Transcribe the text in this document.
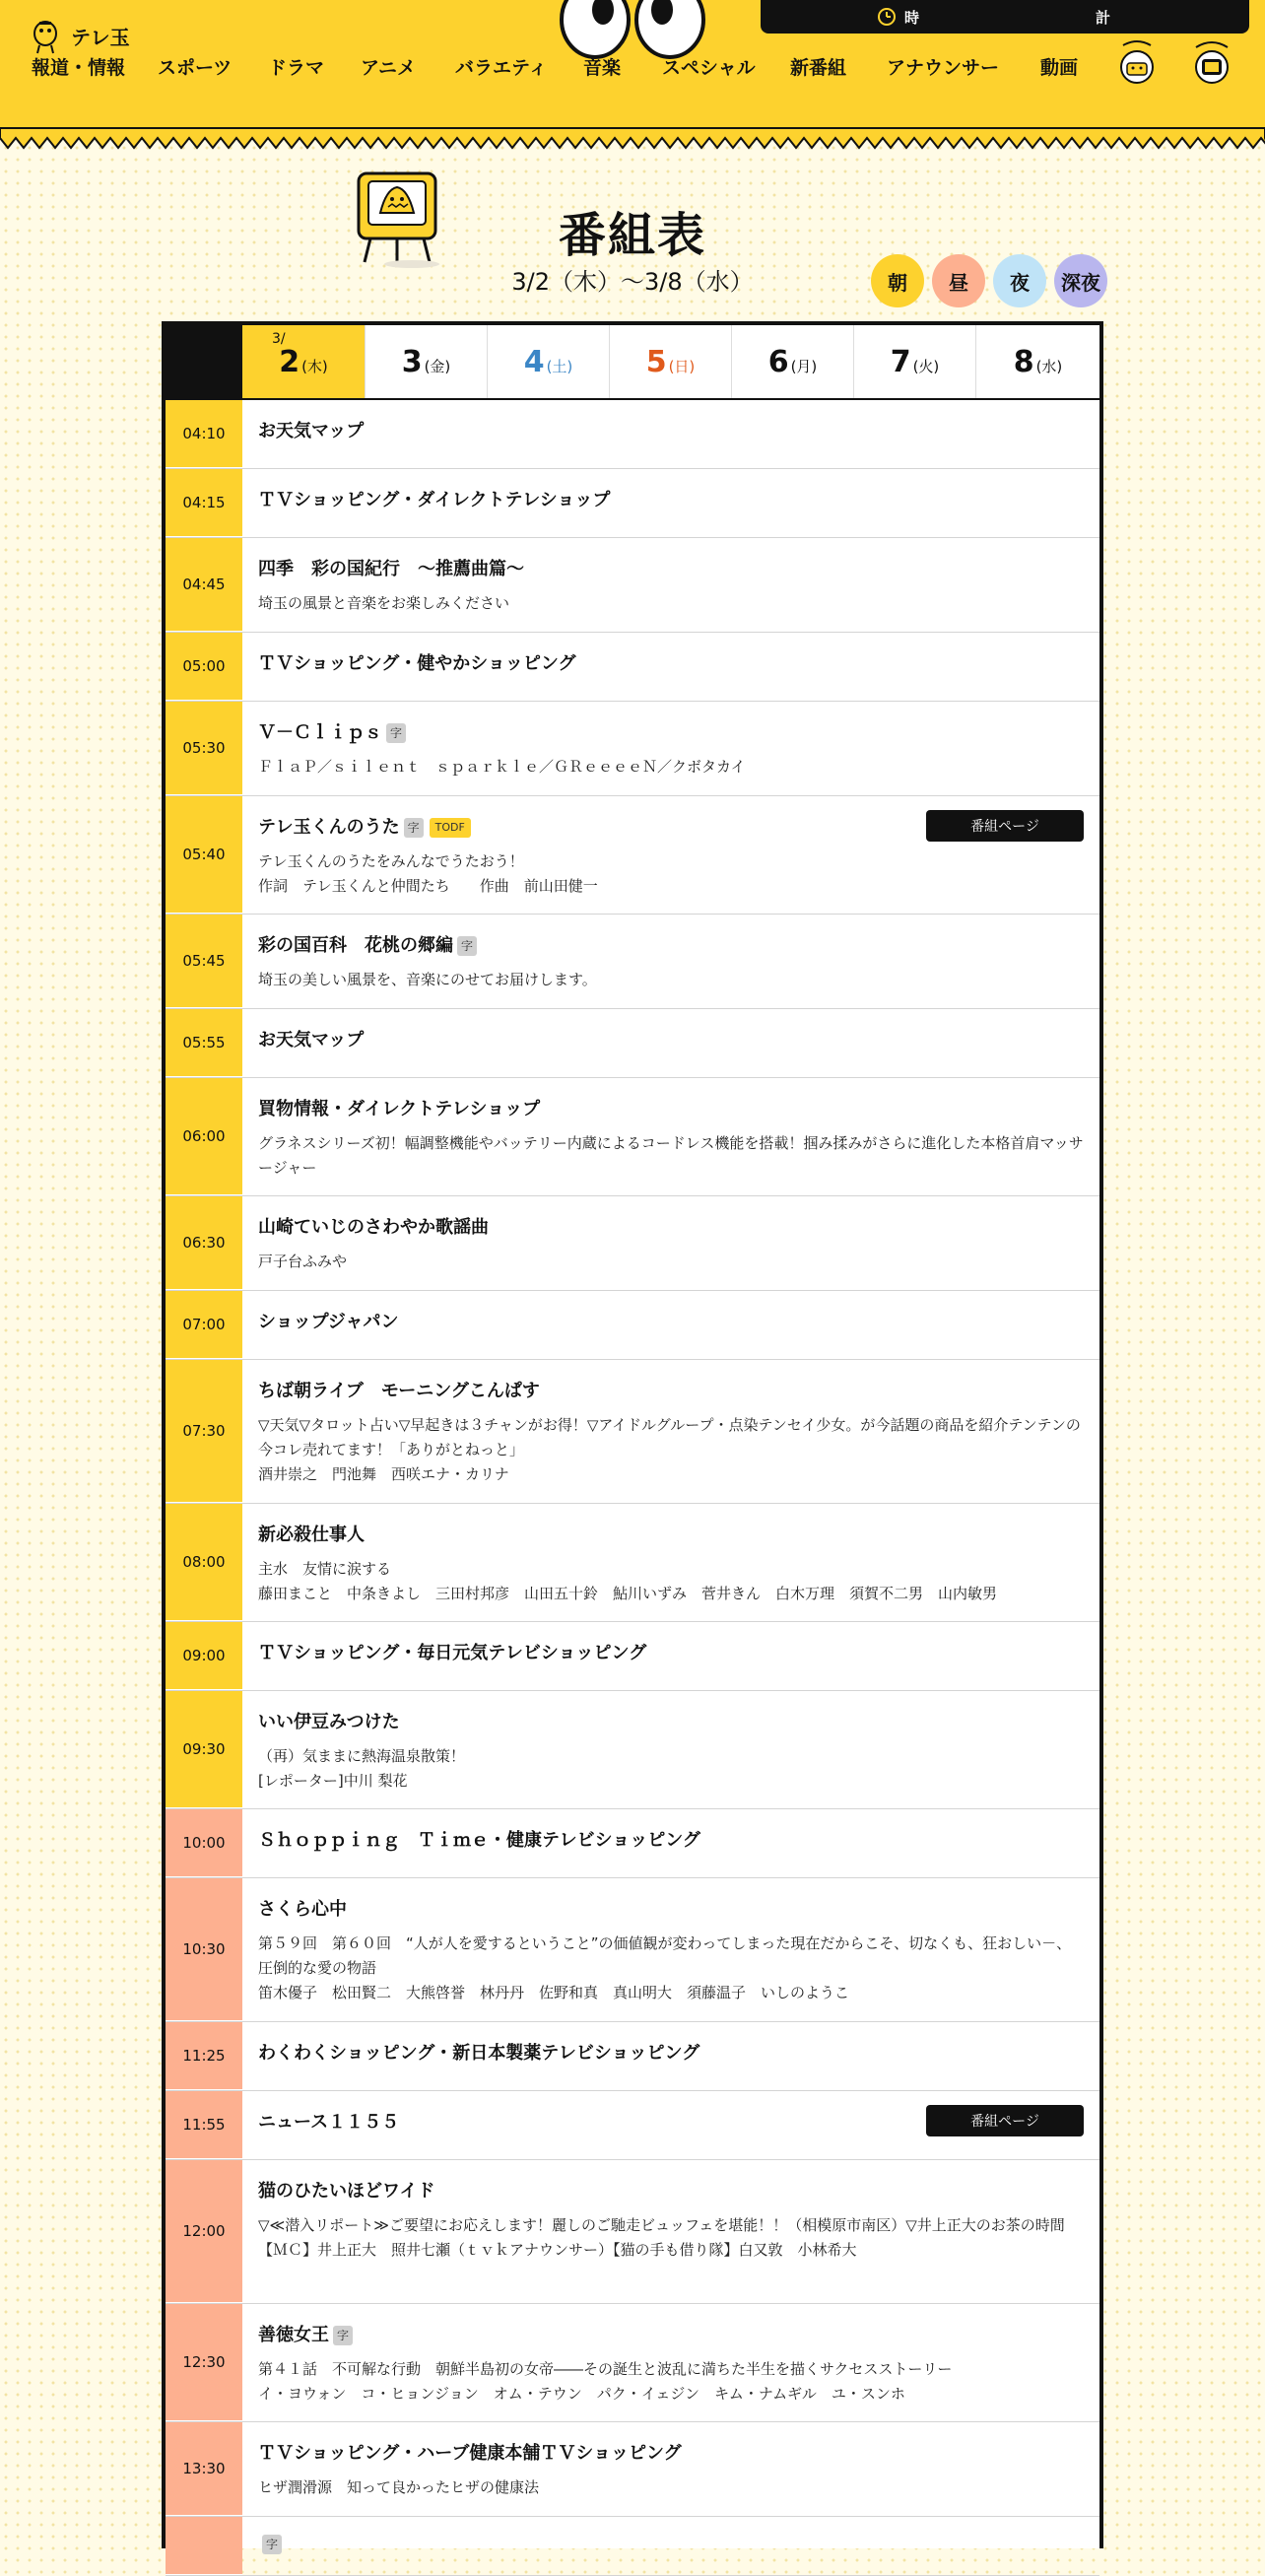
テレ玉
時	計
報道・情報 スポーツ ドラマ アニメ バラエティ 音楽 スペシャル 新番組 アナウンサー 動画
番組表
3/2（木）〜3/8（水）	朝 昼 夜 深夜
3/
2 (木) 3 (金) 4 (土) 5 (日) 6 (月) 7 (火)	8 (水)
04:10	お天気マップ
04:15	ＴＶショッピング・ダイレクトテレショップ
04:45
四季　彩の国紀行　～推薦曲篇～
埼玉の風景と音楽をお楽しみください
05:00	ＴＶショッピング・健やかショッピング
05:30
Ｖ－Ｃｌｉｐｓ 字
ＦｌａＰ／ｓｉｌｅｎｔ　ｓｐａｒｋｌｅ／ＧＲｅｅｅｅＮ／クボタカイ
05:40
テレ玉くんのうた 字	TODF
テレ玉くんのうたをみんなでうたおう！
作詞　テレ玉くんと仲間たち　　作曲　前山田健一
番組ページ
05:45
彩の国百科　花桃の郷編 字
埼玉の美しい風景を、音楽にのせてお届けします。
05:55	お天気マップ
06:00
買物情報・ダイレクトテレショップ
グラネスシリーズ初！幅調整機能やバッテリー内蔵によるコードレス機能を搭載！掴み揉みがさらに進化した本格首肩マッサージャー
06:30
山崎ていじのさわやか歌謡曲
戸子台ふみや
07:00	ショップジャパン
07:30
ちば朝ライブ　モーニングこんぱす
▽天気▽タロット占い▽早起きは３チャンがお得！▽アイドルグループ・点染テンセイ少女。が今話題の商品を紹介テンテンの今コレ売れてます！「ありがとねっと」
酒井崇之　門池舞　西咲エナ・カリナ
08:00
新必殺仕事人
主水　友情に涙する
藤田まこと　中条きよし　三田村邦彦　山田五十鈴　鮎川いずみ　菅井きん　白木万理　須賀不二男　山内敏男
09:00	ＴＶショッピング・毎日元気テレビショッピング
09:30
いい伊豆みつけた
（再）気ままに熱海温泉散策！
[レポーター]中川 梨花
10:00	Ｓｈｏｐｐｉｎｇ　Ｔｉｍｅ・健康テレビショッピング
10:30
さくら心中
第５９回　第６０回　“人が人を愛するということ”の価値観が変わってしまった現在だからこそ、切なくも、狂おしい－、圧倒的な愛の物語
笛木優子　松田賢二　大熊啓誉　林丹丹　佐野和真　真山明大　須藤温子　いしのようこ
11:25	わくわくショッピング・新日本製薬テレビショッピング
11:55	ニュース１１５５	番組ページ
12:00
猫のひたいほどワイド
▽≪潜入リポート≫ご要望にお応えします！麗しのご馳走ビュッフェを堪能！！（相模原市南区）▽井上正大のお茶の時間
【ＭＣ】井上正大　照井七瀬（ｔｖｋアナウンサー）【猫の手も借り隊】白又敦　小林希大
12:30
善徳女王 字
第４１話　不可解な行動　朝鮮半島初の女帝――その誕生と波乱に満ちた半生を描くサクセスストーリー
イ・ヨウォン　コ・ヒョンジョン　オム・テウン　パク・イェジン　キム・ナムギル　ユ・スンホ
13:30
ＴＶショッピング・ハーブ健康本舗ＴＶショッピング
ヒザ潤滑源　知って良かったヒザの健康法
字
